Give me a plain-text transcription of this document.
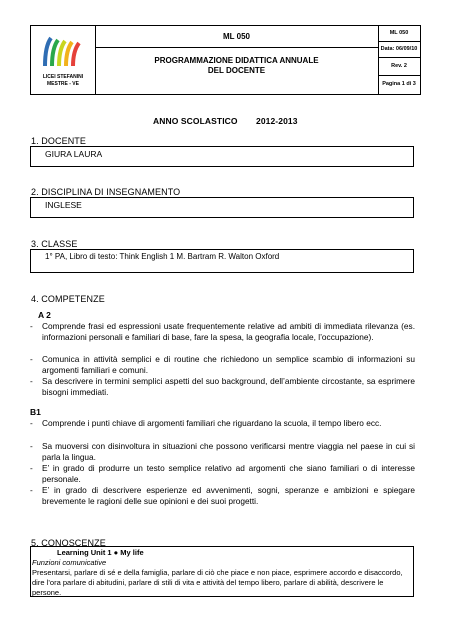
LICEI STEFANINI
MESTRE - VE
ML 050
PROGRAMMAZIONE DIDATTICA ANNUALE
DEL DOCENTE
ML 050
Data: 06/09/10
Rev. 2
Pagina 1 di 3
ANNO SCOLASTICO 2012-2013
1. DOCENTE
GIURA LAURA
2. DISCIPLINA DI INSEGNAMENTO
INGLESE
3. CLASSE
1° PA, Libro di testo: Think English 1 M. Bartram R. Walton Oxford
4. COMPETENZE
A 2
- Comprende frasi ed espressioni usate frequentemente relative ad ambiti di immediata rilevanza (es. informazioni personali e familiari di base, fare la spesa, la geografia locale, l’occupazione).
- Comunica in attività semplici e di routine che richiedono un semplice scambio di informazioni su argomenti familiari e comuni.
- Sa descrivere in termini semplici aspetti del suo background, dell’ambiente circostante, sa esprimere bisogni immediati.
B1
- Comprende i punti chiave di argomenti familiari che riguardano la scuola, il tempo libero ecc.
- Sa muoversi con disinvoltura in situazioni che possono verificarsi mentre viaggia nel paese in cui si parla la lingua.
- E’ in grado di produrre un testo semplice relativo ad argomenti che siano familiari o di interesse personale.
- E’ in grado di descrivere esperienze ed avvenimenti, sogni, speranze e ambizioni e spiegare brevemente le ragioni delle sue opinioni e dei suoi progetti.
5. CONOSCENZE
Learning Unit 1 ● My life
Funzioni comunicative
Presentarsi, parlare di sé e della famiglia, parlare di ciò che piace e non piace, esprimere accordo e disaccordo, dire l’ora parlare di abitudini, parlare di stili di vita e attività del tempo libero, parlare di abilità, descrivere le persone.
